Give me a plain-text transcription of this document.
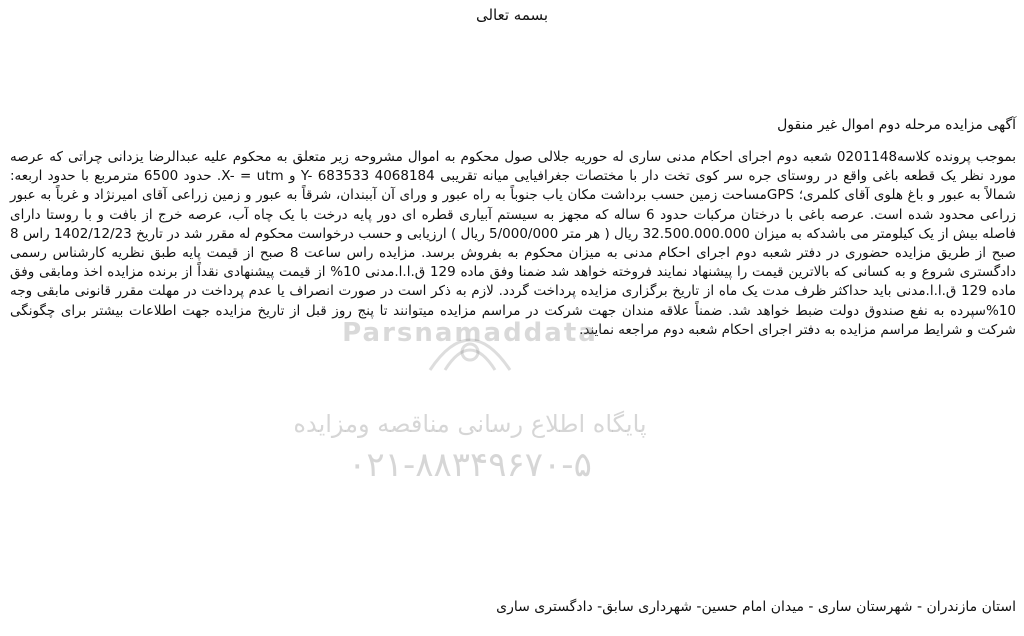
بسمه تعالی
آگهی مزایده مرحله دوم اموال غیر منقول

بموجب پرونده کلاسه0201148 شعبه دوم اجرای احکام مدنی ساری له حوریه جلالی صول محکوم به اموال مشروحه زیر متعلق به محکوم علیه عبدالرضا یزدانی چراتی که عرصه مورد نظر یک قطعه باغی واقع در روستای جره سر کوی تخت دار با مختصات جغرافیایی میانه تقریبی 4068184 Y- 683533 و X- = utm. حدود 6500 مترمربع با حدود اربعه: شمالاً به عبور و باغ هلوی آقای کلمری؛ GPSمساحت زمین حسب برداشت مکان یاب جنوباً به راه عبور و ورای آن آببندان، شرقاً به عبور و زمین زراعی آقای امیرنژاد و غرباً به عبور زراعی محدود شده است. عرصه باغی با درختان مرکبات حدود 6 ساله که مجهز به سیستم آبیاری قطره ای دور پایه درخت با یک چاه آب، عرصه خرج از بافت و با روستا دارای فاصله بیش از یک کیلومتر می باشدکه به میزان 32.500.000.000 ریال ( هر متر 5/000/000 ریال ) ارزیابی و حسب درخواست محکوم له مقرر شد در تاریخ 1402/12/23 راس 8 صبح از طریق مزایده حضوری در دفتر شعبه دوم اجرای احکام مدنی به میزان محکوم به بفروش برسد. مزایده راس ساعت 8 صبح از قیمت پایه طبق نظریه کارشناس رسمی دادگستری شروع و به کسانی که بالاترین قیمت را پیشنهاد نمایند فروخته خواهد شد ضمنا وفق ماده 129 ق.ا.ا.مدنی 10% از قیمت پیشنهادی نقداً از برنده مزایده اخذ ومابقی وفق ماده 129 ق.ا.ا.مدنی باید حداکثر ظرف مدت یک ماه از تاریخ برگزاری مزایده پرداخت گردد. لازم به ذکر است در صورت انصراف یا عدم پرداخت در مهلت مقرر قانونی مابقی وجه 10%سپرده به نفع صندوق دولت ضبط خواهد شد. ضمناً علاقه مندان جهت شرکت در مراسم مزایده میتوانند تا پنج روز قبل از تاریخ مزایده جهت اطلاعات بیشتر برای چگونگی شرکت و شرایط مراسم مزایده به دفتر اجرای احکام شعبه دوم مراجعه نمایند.

Parsnamaddata
پایگاه اطلاع رسانی مناقصه ومزایده
۰۲۱-۸۸۳۴۹۶۷۰-۵
استان مازندران - شهرستان ساری - میدان امام حسین- شهرداری سابق- دادگستری ساری
